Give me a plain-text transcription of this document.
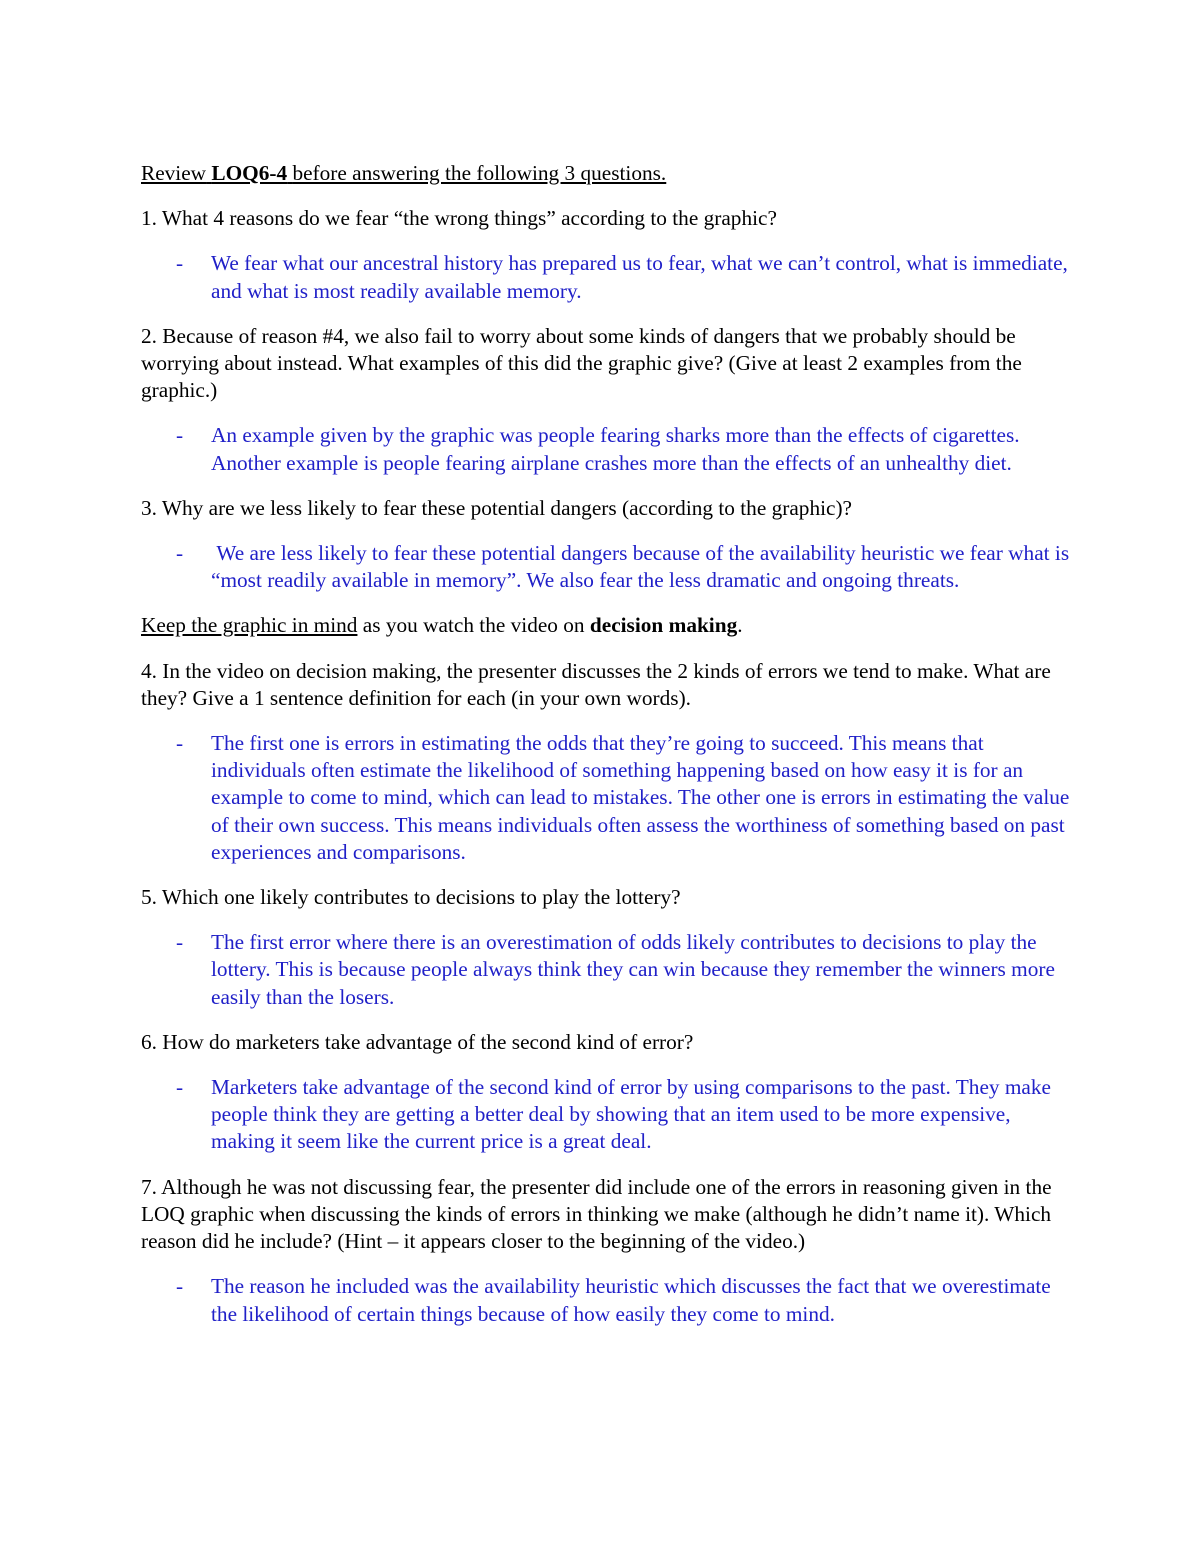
Review LOQ6-4 before answering the following 3 questions.

1. What 4 reasons do we fear “the wrong things” according to the graphic?

- We fear what our ancestral history has prepared us to fear, what we can’t control, what is immediate, and what is most readily available memory.

2. Because of reason #4, we also fail to worry about some kinds of dangers that we probably should be worrying about instead. What examples of this did the graphic give? (Give at least 2 examples from the graphic.)

- An example given by the graphic was people fearing sharks more than the effects of cigarettes. Another example is people fearing airplane crashes more than the effects of an unhealthy diet.

3. Why are we less likely to fear these potential dangers (according to the graphic)?

- We are less likely to fear these potential dangers because of the availability heuristic we fear what is “most readily available in memory”. We also fear the less dramatic and ongoing threats.

Keep the graphic in mind as you watch the video on decision making.

4. In the video on decision making, the presenter discusses the 2 kinds of errors we tend to make. What are they? Give a 1 sentence definition for each (in your own words).

- The first one is errors in estimating the odds that they’re going to succeed. This means that individuals often estimate the likelihood of something happening based on how easy it is for an example to come to mind, which can lead to mistakes. The other one is errors in estimating the value of their own success. This means individuals often assess the worthiness of something based on past experiences and comparisons.

5. Which one likely contributes to decisions to play the lottery?

- The first error where there is an overestimation of odds likely contributes to decisions to play the lottery. This is because people always think they can win because they remember the winners more easily than the losers.

6. How do marketers take advantage of the second kind of error?

- Marketers take advantage of the second kind of error by using comparisons to the past. They make people think they are getting a better deal by showing that an item used to be more expensive, making it seem like the current price is a great deal.

7. Although he was not discussing fear, the presenter did include one of the errors in reasoning given in the LOQ graphic when discussing the kinds of errors in thinking we make (although he didn’t name it). Which reason did he include? (Hint – it appears closer to the beginning of the video.)

- The reason he included was the availability heuristic which discusses the fact that we overestimate the likelihood of certain things because of how easily they come to mind.
